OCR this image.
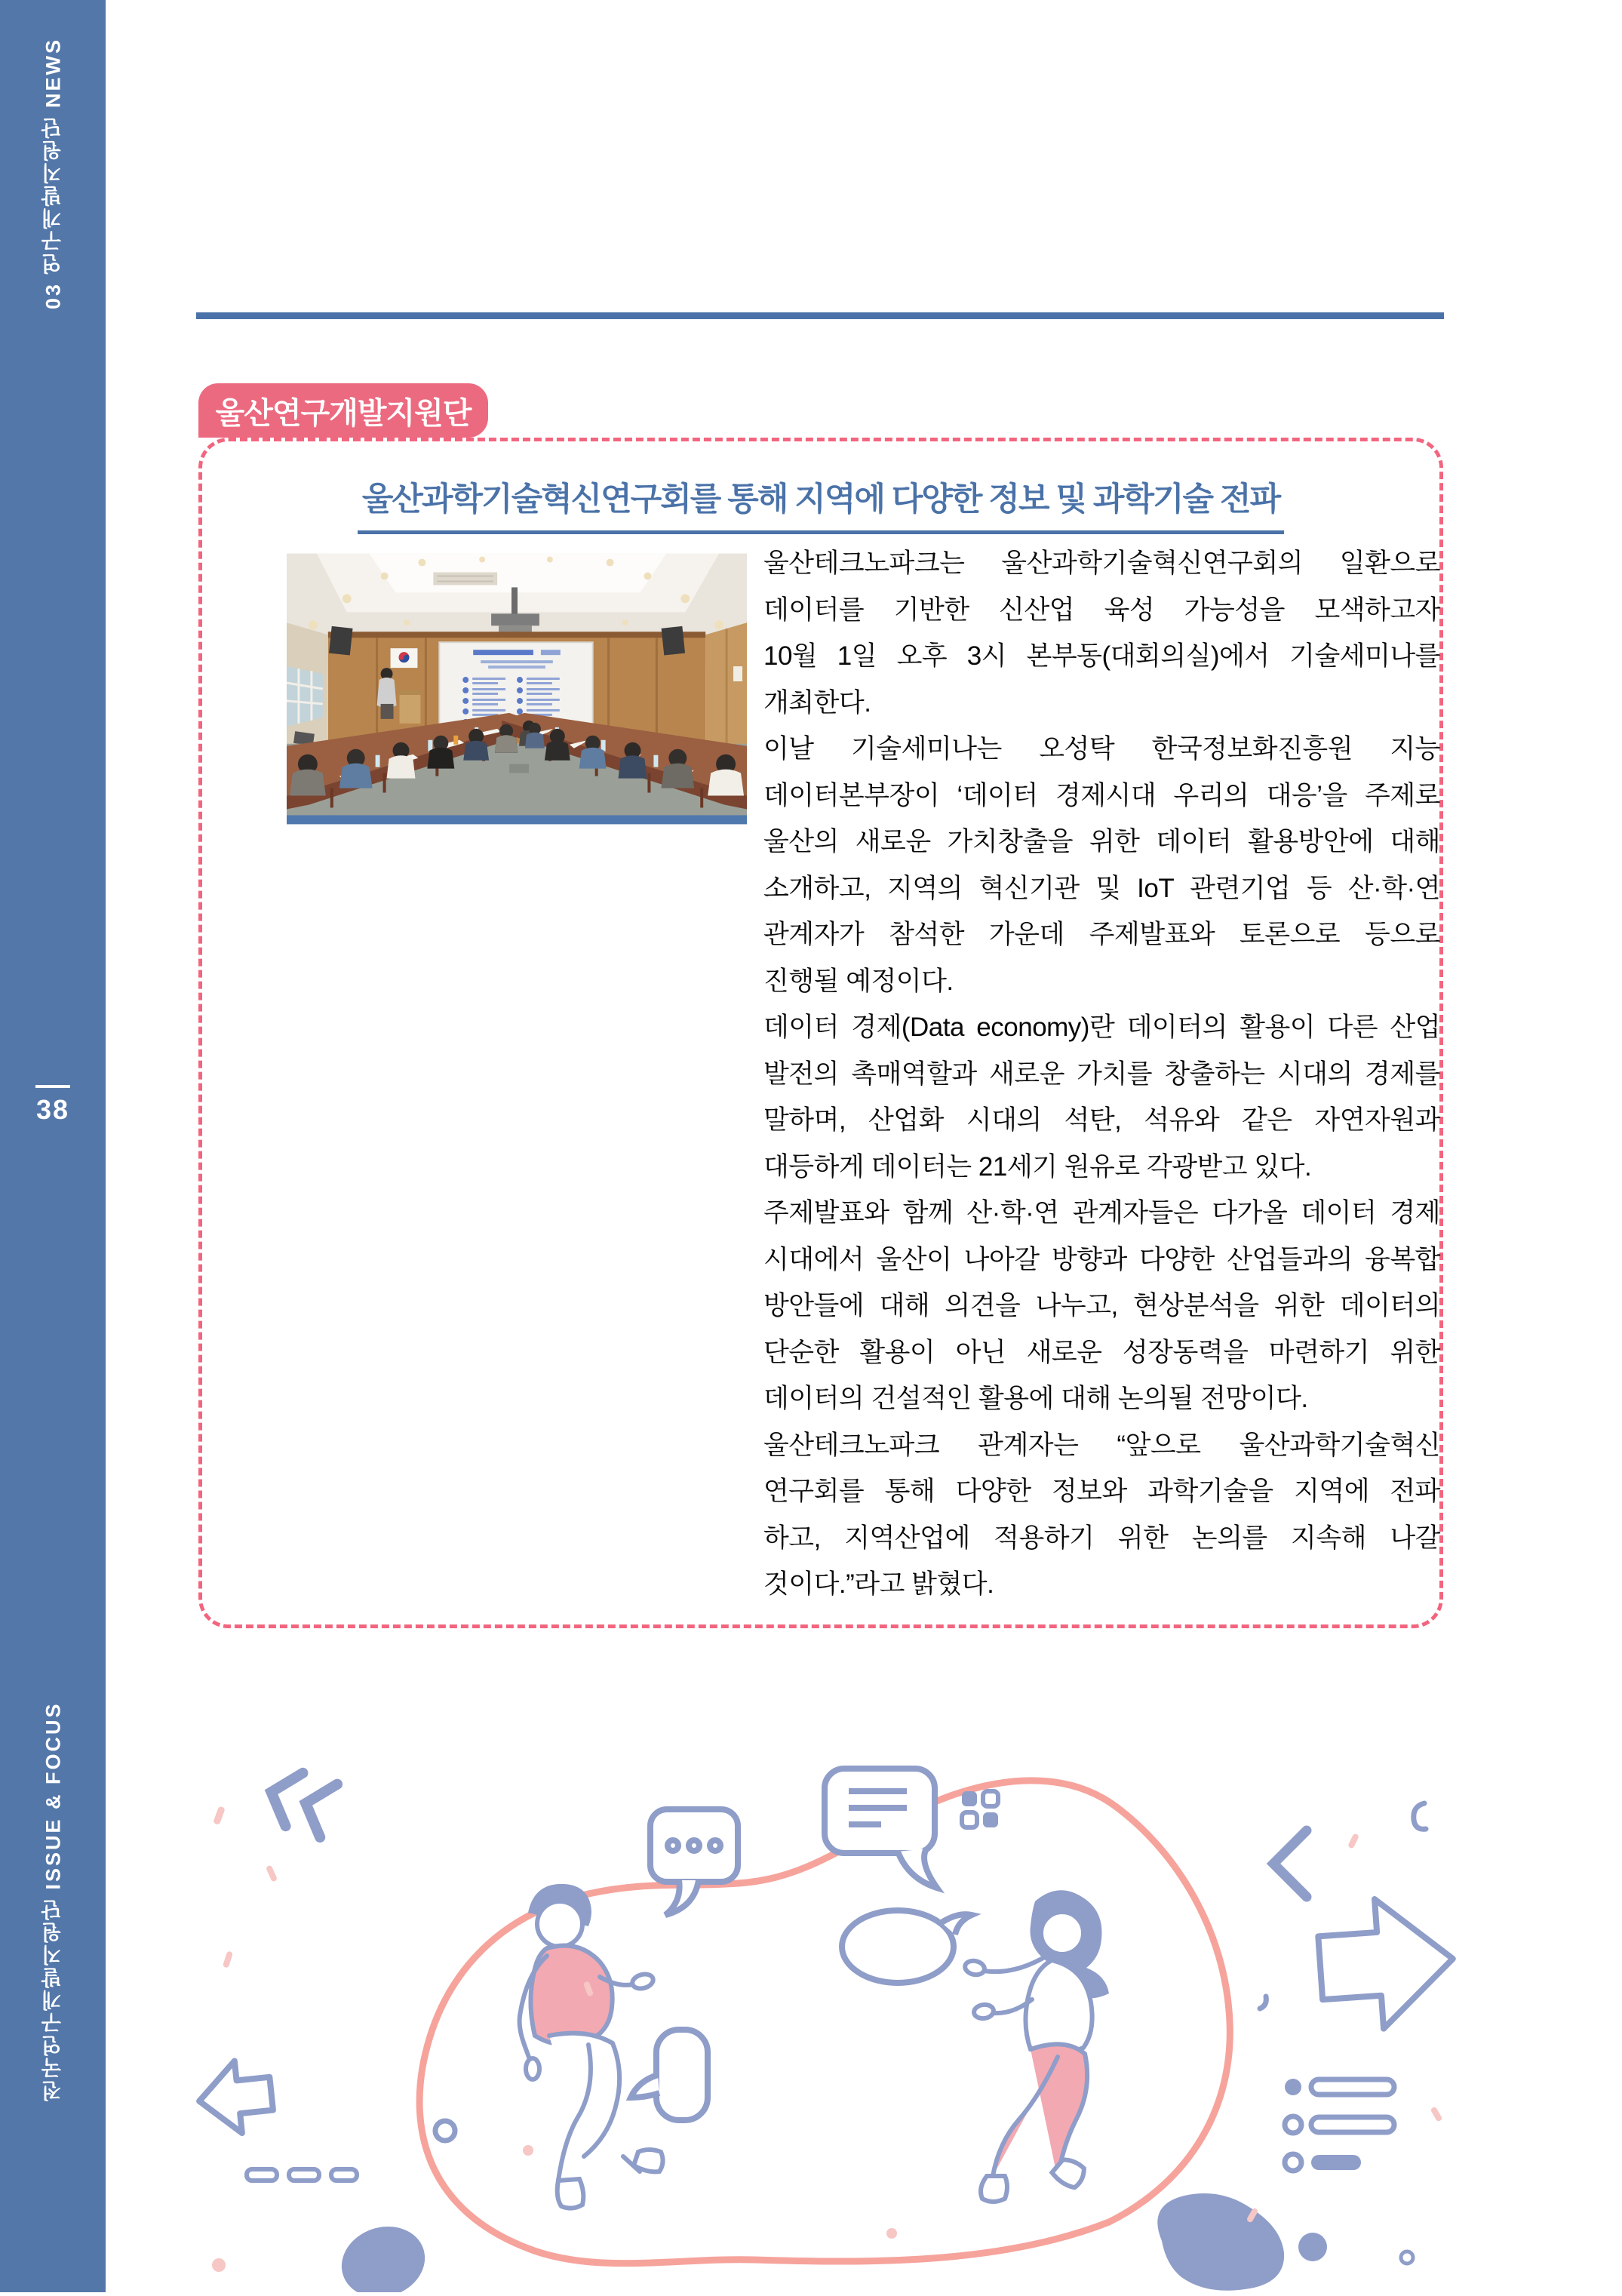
03 연구개발지원단 NEWS
38
전국연구개발지원단 ISSUE & FOCUS
울산연구개발지원단
울산과학기술혁신연구회를 통해 지역에 다양한 정보 및 과학기술 전파
울산테크노파크는 울산과학기술혁신연구회의 일환으로
데이터를 기반한 신산업 육성 가능성을 모색하고자
10월 1일 오후 3시 본부동(대회의실)에서 기술세미나를
개최한다.
이날 기술세미나는 오성탁 한국정보화진흥원 지능
데이터본부장이 ‘데이터 경제시대 우리의 대응’을 주제로
울산의 새로운 가치창출을 위한 데이터 활용방안에 대해
소개하고, 지역의 혁신기관 및 IoT 관련기업 등 산·학·연
관계자가 참석한 가운데 주제발표와 토론으로 등으로
진행될 예정이다.
데이터 경제(Data economy)란 데이터의 활용이 다른 산업
발전의 촉매역할과 새로운 가치를 창출하는 시대의 경제를
말하며, 산업화 시대의 석탄, 석유와 같은 자연자원과
대등하게 데이터는 21세기 원유로 각광받고 있다.
주제발표와 함께 산·학·연 관계자들은 다가올 데이터 경제
시대에서 울산이 나아갈 방향과 다양한 산업들과의 융복합
방안들에 대해 의견을 나누고, 현상분석을 위한 데이터의
단순한 활용이 아닌 새로운 성장동력을 마련하기 위한
데이터의 건설적인 활용에 대해 논의될 전망이다.
울산테크노파크 관계자는 “앞으로 울산과학기술혁신
연구회를 통해 다양한 정보와 과학기술을 지역에 전파
하고, 지역산업에 적용하기 위한 논의를 지속해 나갈
것이다.”라고 밝혔다.
